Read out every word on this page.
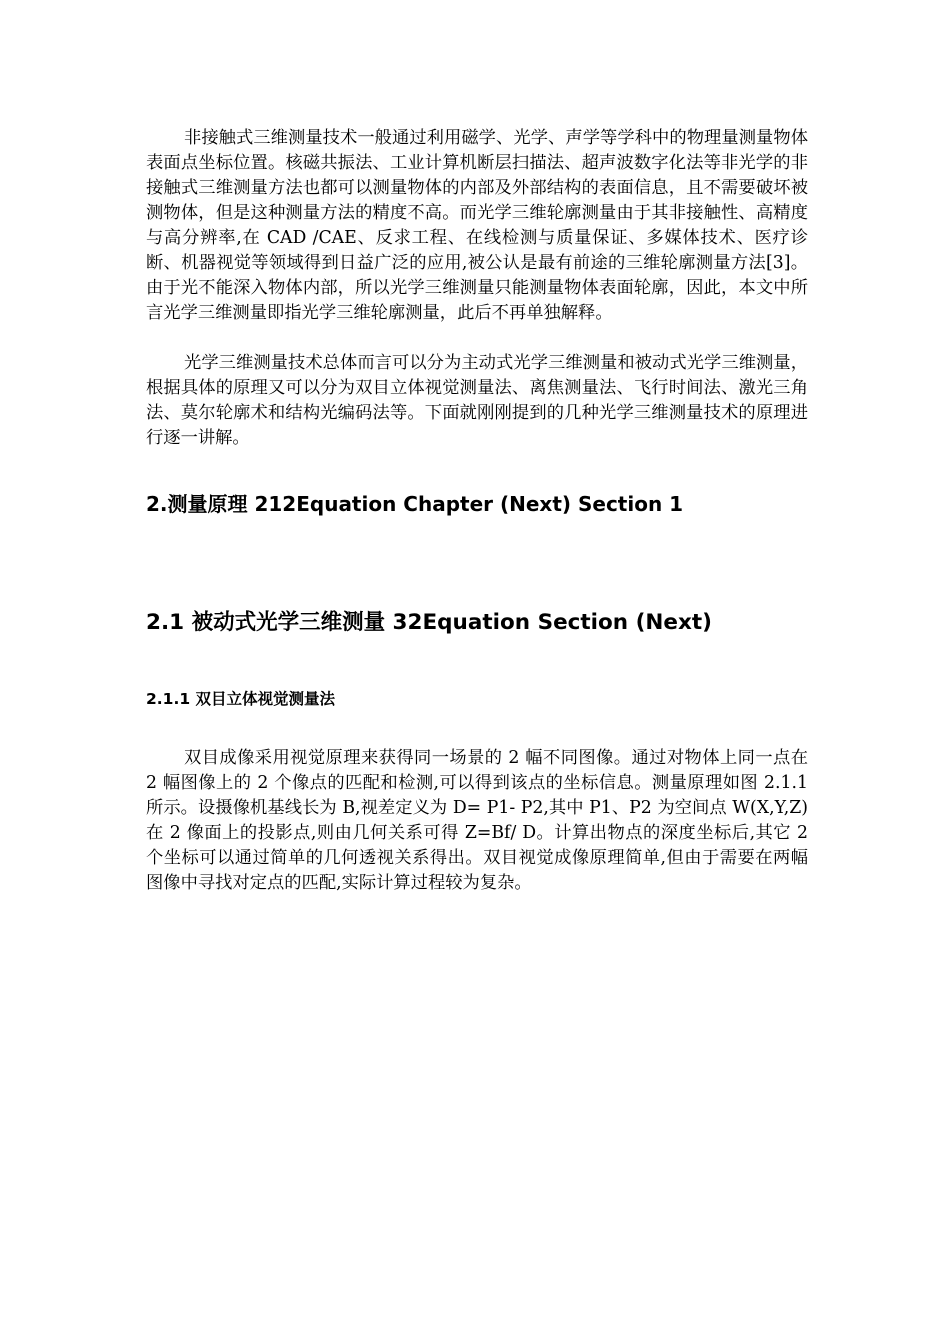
非接触式三维测量技术一般通过利用磁学、光学、声学等学科中的物理量测量物体表面点坐标位置。核磁共振法、工业计算机断层扫描法、超声波数字化法等非光学的非接触式三维测量方法也都可以测量物体的内部及外部结构的表面信息，且不需要破坏被测物体，但是这种测量方法的精度不高。而光学三维轮廓测量由于其非接触性、高精度与高分辨率,在 CAD /CAE、反求工程、在线检测与质量保证、多媒体技术、医疗诊断、机器视觉等领域得到日益广泛的应用,被公认是最有前途的三维轮廓测量方法[3]。由于光不能深入物体内部，所以光学三维测量只能测量物体表面轮廓，因此，本文中所言光学三维测量即指光学三维轮廓测量，此后不再单独解释。

光学三维测量技术总体而言可以分为主动式光学三维测量和被动式光学三维测量，根据具体的原理又可以分为双目立体视觉测量法、离焦测量法、飞行时间法、激光三角法、莫尔轮廓术和结构光编码法等。下面就刚刚提到的几种光学三维测量技术的原理进行逐一讲解。

2.测量原理 212Equation Chapter (Next) Section 1
2.1 被动式光学三维测量 32Equation Section (Next)
2.1.1 双目立体视觉测量法

双目成像采用视觉原理来获得同一场景的 2 幅不同图像。通过对物体上同一点在 2 幅图像上的 2 个像点的匹配和检测,可以得到该点的坐标信息。测量原理如图 2.1.1 所示。设摄像机基线长为 B,视差定义为 D= P1- P2,其中 P1、P2 为空间点 W(X,Y,Z)在 2 像面上的投影点,则由几何关系可得 Z=Bf/ D。计算出物点的深度坐标后,其它 2 个坐标可以通过简单的几何透视关系得出。双目视觉成像原理简单,但由于需要在两幅图像中寻找对定点的匹配,实际计算过程较为复杂。
